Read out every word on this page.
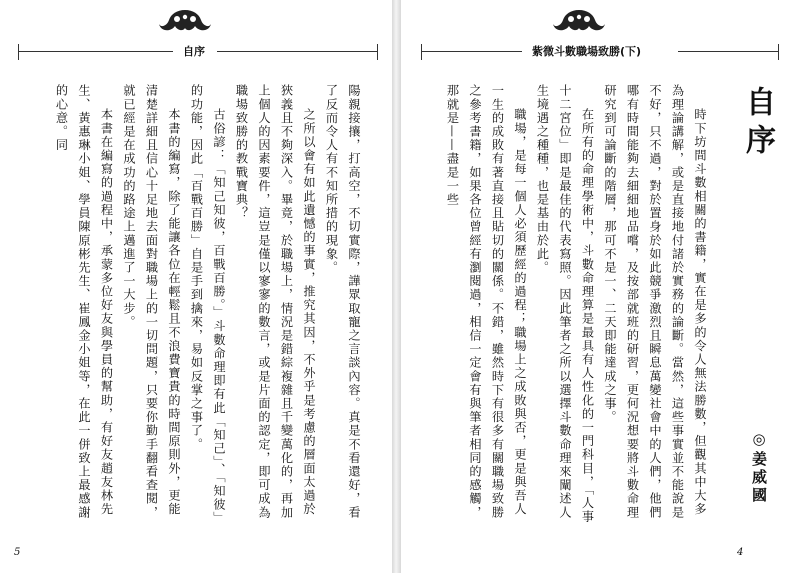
自序

陽親接攘，打高空，不切實際，譁眾取寵之言談內容。真是不看還好，看了反而令人有不知所措的現象。

之所以會有如此遺憾的事實，推究其因，不外乎是考慮的層面太過於狹義且不夠深入。畢竟，於職場上，情況是錯綜複雜且千變萬化的，再加上個人的因素要件，這豈是僅以寥寥的數言，或是片面的認定，即可成為職場致勝的教戰寶典？

古俗諺：「知己知彼，百戰百勝。」斗數命理即有此「知己」、「知彼」的功能，因此「百戰百勝」自是手到擒來，易如反掌之事了。

本書的編寫，除了能讓各位在輕鬆且不浪費寶貴的時間原則外，更能清楚詳細且信心十足地去面對職場上的一切問題，只要你勤手翻看查閱，就已經是在成功的路途上邁進了一大步。

本書在編寫的過程中，承蒙多位好友與學員的幫助，有好友趙友林先生、黃惠琳小姐、學員陳原彬先生、崔鳳金小姐等，在此一併致上最感謝的心意。同

5
紫微斗數職場致勝(下)
自序
◎姜威國

時下坊間斗數相關的書籍，實在是多的令人無法勝數，但觀其中大多為理論講解，或是直接地付諸於實務的論斷。當然，這些事實並不能說是不好，只不過，對於置身於如此競爭激烈且瞬息萬變社會中的人們，他們哪有時間能夠去細細地品嚐，及按部就班的研習，更何況想要將斗數命理研究到可論斷的階層，那可不是一、二天即能達成之事。

在所有的命理學術中，斗數命理算是最具有人性化的一門科目，「人事十二宮位」即是最佳的代表寫照。因此筆者之所以選擇斗數命理來闡述人生境遇之種種，也是基由於此。

職場，是每一個人必須歷經的過程；職場上之成敗與否，更是與吾人一生的成敗有著直接且貼切的關係。不錯，雖然時下有很多有關職場致勝之參考書籍，如果各位曾經有瀏閱過，相信一定會有與筆者相同的感觸，那就是——盡是一些

4
